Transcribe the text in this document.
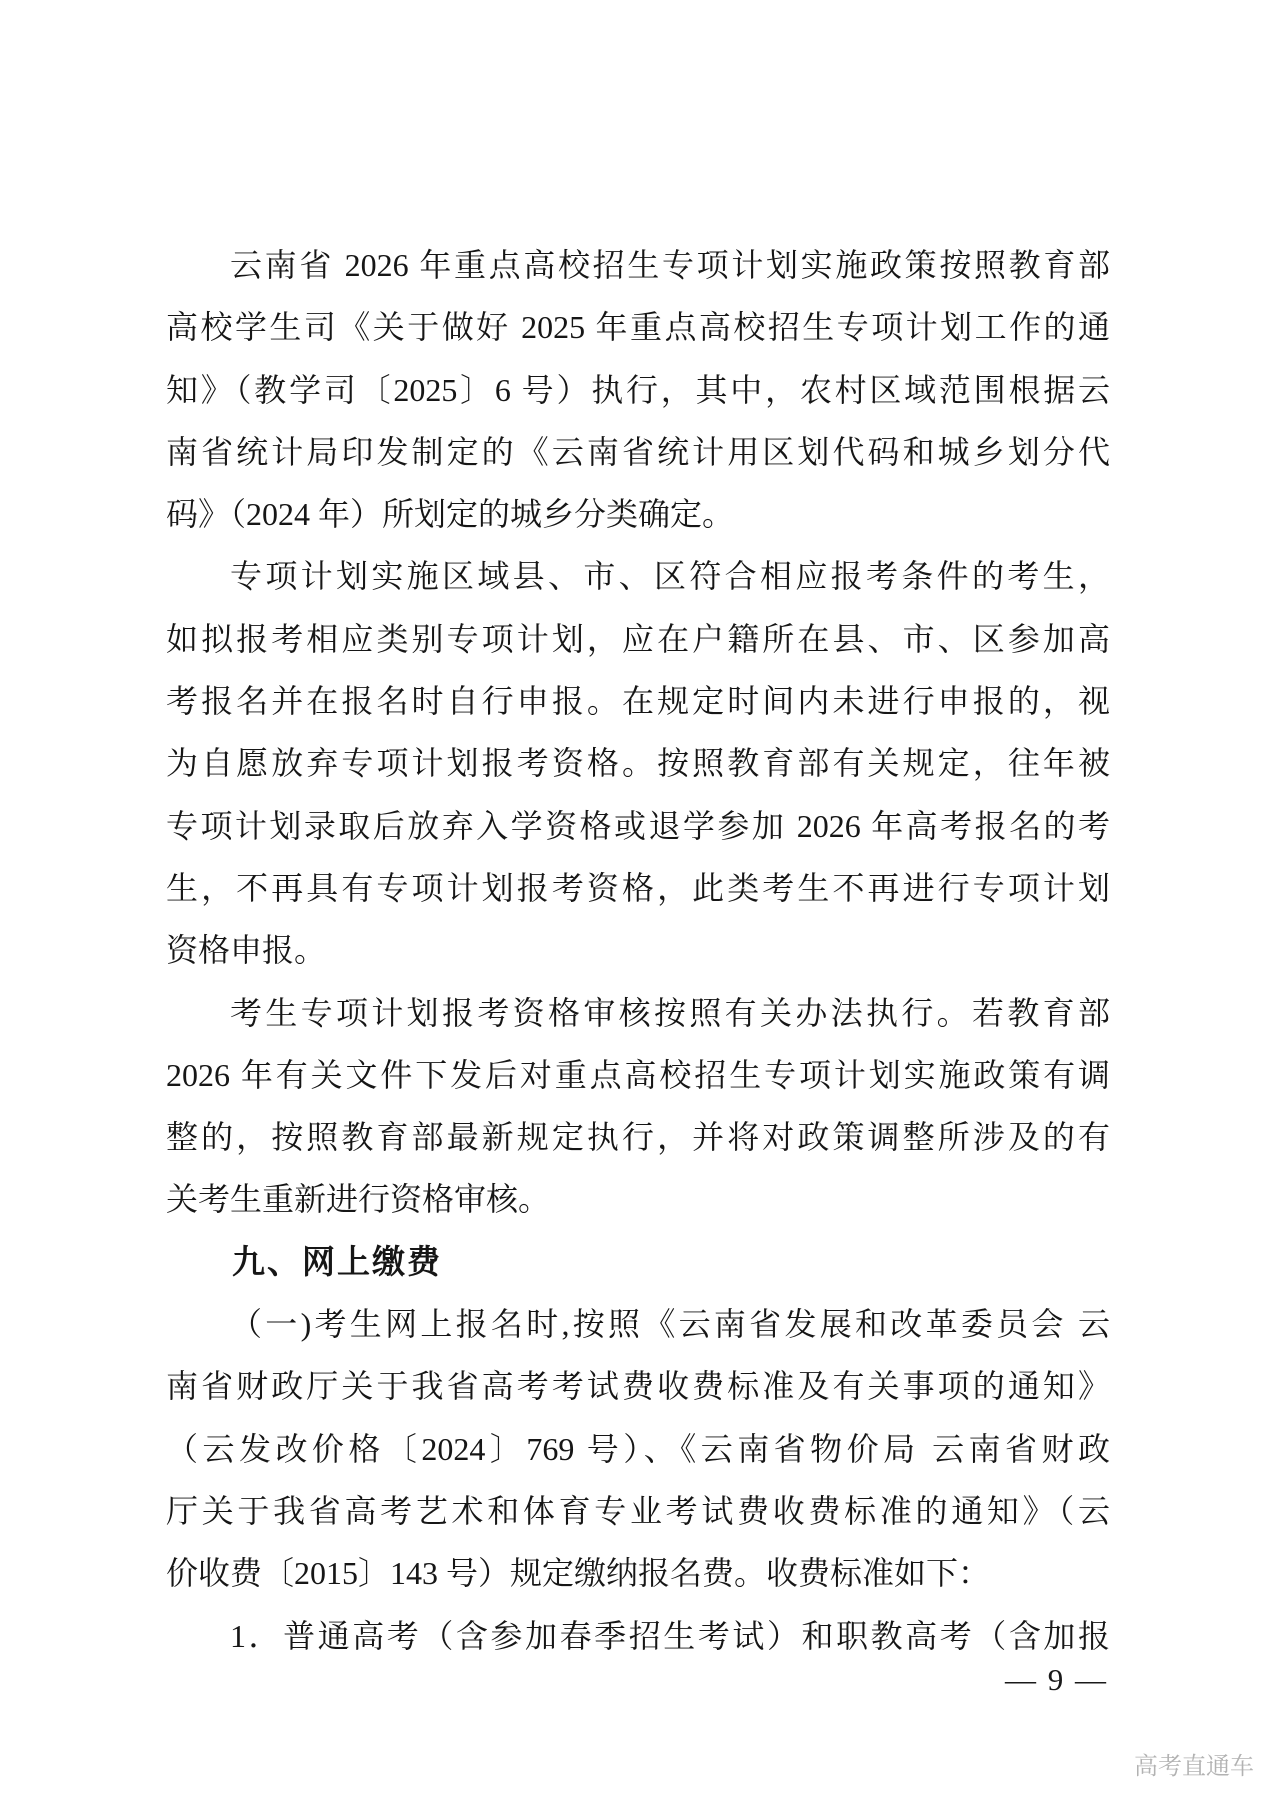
云南省 2026 年重点高校招生专项计划实施政策按照教育部
高校学生司《关于做好 2025 年重点高校招生专项计划工作的通
知》（教学司〔2025〕6 号）执行，其中，农村区域范围根据云
南省统计局印发制定的《云南省统计用区划代码和城乡划分代
码》（2024 年）所划定的城乡分类确定。
专项计划实施区域县、市、区符合相应报考条件的考生，
如拟报考相应类别专项计划，应在户籍所在县、市、区参加高
考报名并在报名时自行申报。在规定时间内未进行申报的，视
为自愿放弃专项计划报考资格。按照教育部有关规定，往年被
专项计划录取后放弃入学资格或退学参加 2026 年高考报名的考
生，不再具有专项计划报考资格，此类考生不再进行专项计划
资格申报。
考生专项计划报考资格审核按照有关办法执行。若教育部
2026 年有关文件下发后对重点高校招生专项计划实施政策有调
整的，按照教育部最新规定执行，并将对政策调整所涉及的有
关考生重新进行资格审核。
九、网上缴费
（一)考生网上报名时,按照《云南省发展和改革委员会 云
南省财政厅关于我省高考考试费收费标准及有关事项的通知》
（云发改价格〔2024〕769 号）、《云南省物价局 云南省财政
厅关于我省高考艺术和体育专业考试费收费标准的通知》（云
价收费〔2015〕143 号）规定缴纳报名费。收费标准如下：
1．普通高考（含参加春季招生考试）和职教高考（含加报
— 9 —
高考直通车
